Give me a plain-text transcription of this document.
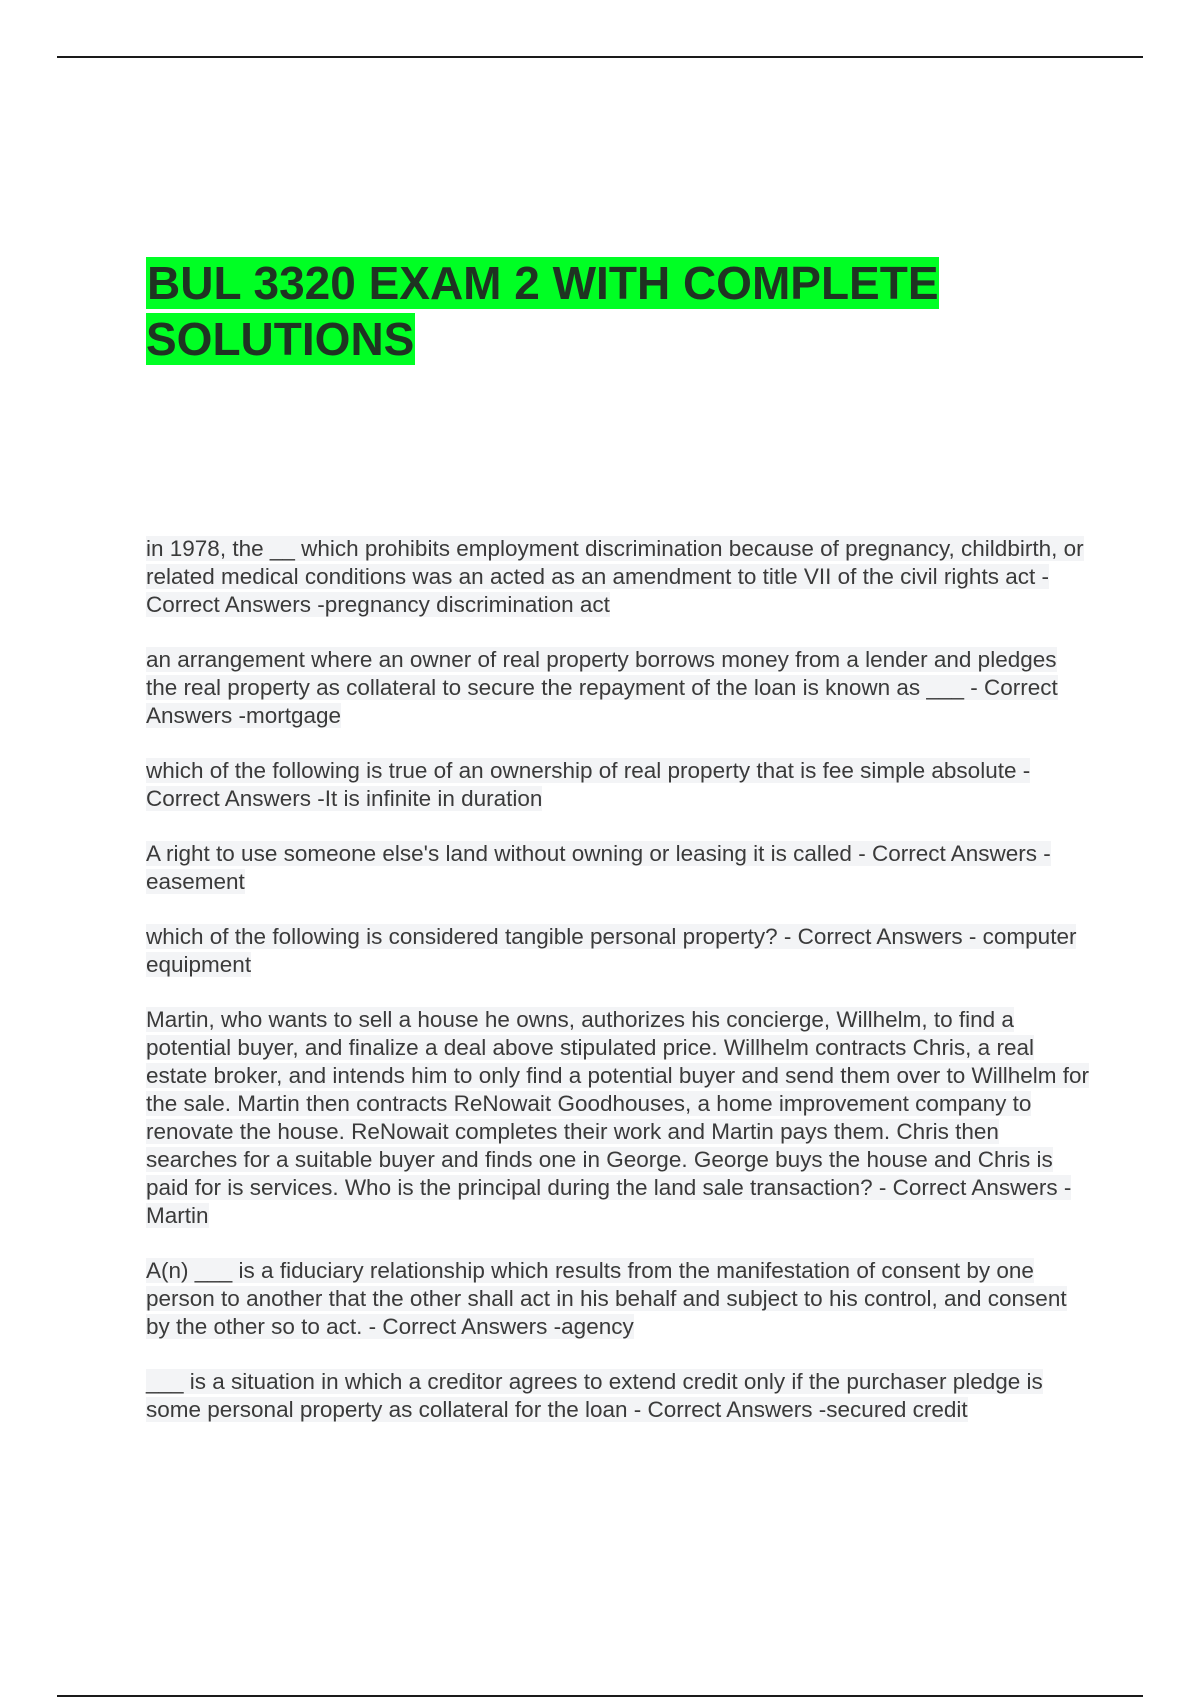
BUL 3320 EXAM 2 WITH COMPLETE SOLUTIONS

in 1978, the __ which prohibits employment discrimination because of pregnancy, childbirth, or related medical conditions was an acted as an amendment to title VII of the civil rights act - Correct Answers -pregnancy discrimination act

an arrangement where an owner of real property borrows money from a lender and pledges the real property as collateral to secure the repayment of the loan is known as ___ - Correct Answers -mortgage

which of the following is true of an ownership of real property that is fee simple absolute - Correct Answers -It is infinite in duration

A right to use someone else's land without owning or leasing it is called - Correct Answers -easement

which of the following is considered tangible personal property? - Correct Answers - computer equipment

Martin, who wants to sell a house he owns, authorizes his concierge, Willhelm, to find a potential buyer, and finalize a deal above stipulated price. Willhelm contracts Chris, a real estate broker, and intends him to only find a potential buyer and send them over to Willhelm for the sale. Martin then contracts ReNowait Goodhouses, a home improvement company to renovate the house. ReNowait completes their work and Martin pays them. Chris then searches for a suitable buyer and finds one in George. George buys the house and Chris is paid for is services. Who is the principal during the land sale transaction? - Correct Answers -Martin

A(n) ___ is a fiduciary relationship which results from the manifestation of consent by one person to another that the other shall act in his behalf and subject to his control, and consent by the other so to act. - Correct Answers -agency

___ is a situation in which a creditor agrees to extend credit only if the purchaser pledge is some personal property as collateral for the loan - Correct Answers -secured credit
